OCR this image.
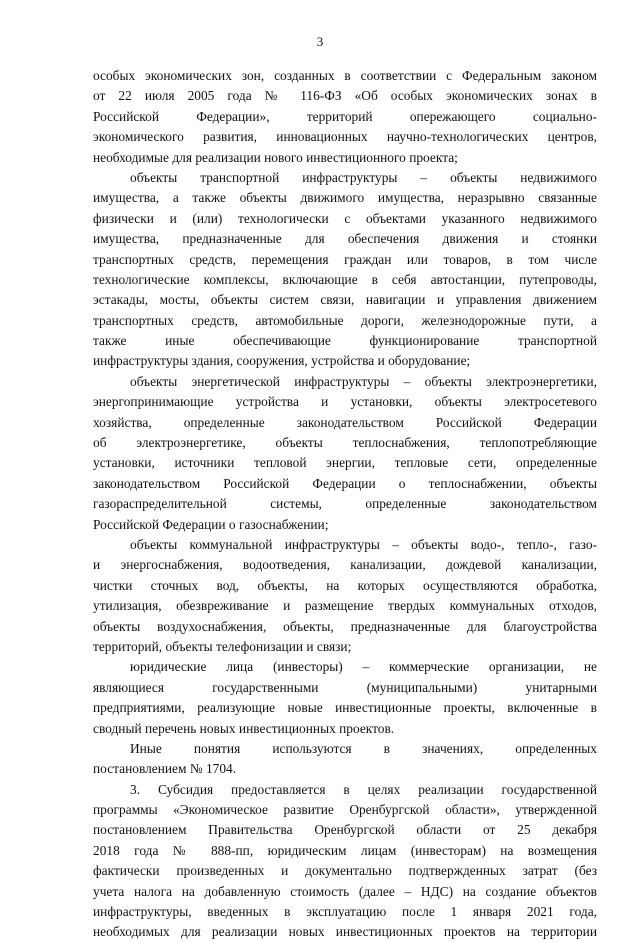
3
особых экономических зон, созданных в соответствии с Федеральным законом
от 22 июля 2005 года № 116-ФЗ «Об особых экономических зонах в
Российской Федерации», территорий опережающего социально-
экономического развития, инновационных научно-технологических центров,
необходимые для реализации нового инвестиционного проекта;
объекты транспортной инфраструктуры – объекты недвижимого
имущества, а также объекты движимого имущества, неразрывно связанные
физически и (или) технологически с объектами указанного недвижимого
имущества, предназначенные для обеспечения движения и стоянки
транспортных средств, перемещения граждан или товаров, в том числе
технологические комплексы, включающие в себя автостанции, путепроводы,
эстакады, мосты, объекты систем связи, навигации и управления движением
транспортных средств, автомобильные дороги, железнодорожные пути, а
также иные обеспечивающие функционирование транспортной
инфраструктуры здания, сооружения, устройства и оборудование;
объекты энергетической инфраструктуры – объекты электроэнергетики,
энергопринимающие устройства и установки, объекты электросетевого
хозяйства, определенные законодательством Российской Федерации
об электроэнергетике, объекты теплоснабжения, теплопотребляющие
установки, источники тепловой энергии, тепловые сети, определенные
законодательством Российской Федерации о теплоснабжении, объекты
газораспределительной системы, определенные законодательством
Российской Федерации о газоснабжении;
объекты коммунальной инфраструктуры – объекты водо-, тепло-, газо-
и энергоснабжения, водоотведения, канализации, дождевой канализации,
чистки сточных вод, объекты, на которых осуществляются обработка,
утилизация, обезвреживание и размещение твердых коммунальных отходов,
объекты воздухоснабжения, объекты, предназначенные для благоустройства
территорий, объекты телефонизации и связи;
юридические лица (инвесторы) – коммерческие организации, не
являющиеся государственными (муниципальными) унитарными
предприятиями, реализующие новые инвестиционные проекты, включенные в
сводный перечень новых инвестиционных проектов.
Иные понятия используются в значениях, определенных
постановлением № 1704.
3. Субсидия предоставляется в целях реализации государственной
программы «Экономическое развитие Оренбургской области», утвержденной
постановлением Правительства Оренбургской области от 25 декабря
2018 года № 888-пп, юридическим лицам (инвесторам) на возмещения
фактически произведенных и документально подтвержденных затрат (без
учета налога на добавленную стоимость (далее – НДС) на создание объектов
инфраструктуры, введенных в эксплуатацию после 1 января 2021 года,
необходимых для реализации новых инвестиционных проектов на территории
